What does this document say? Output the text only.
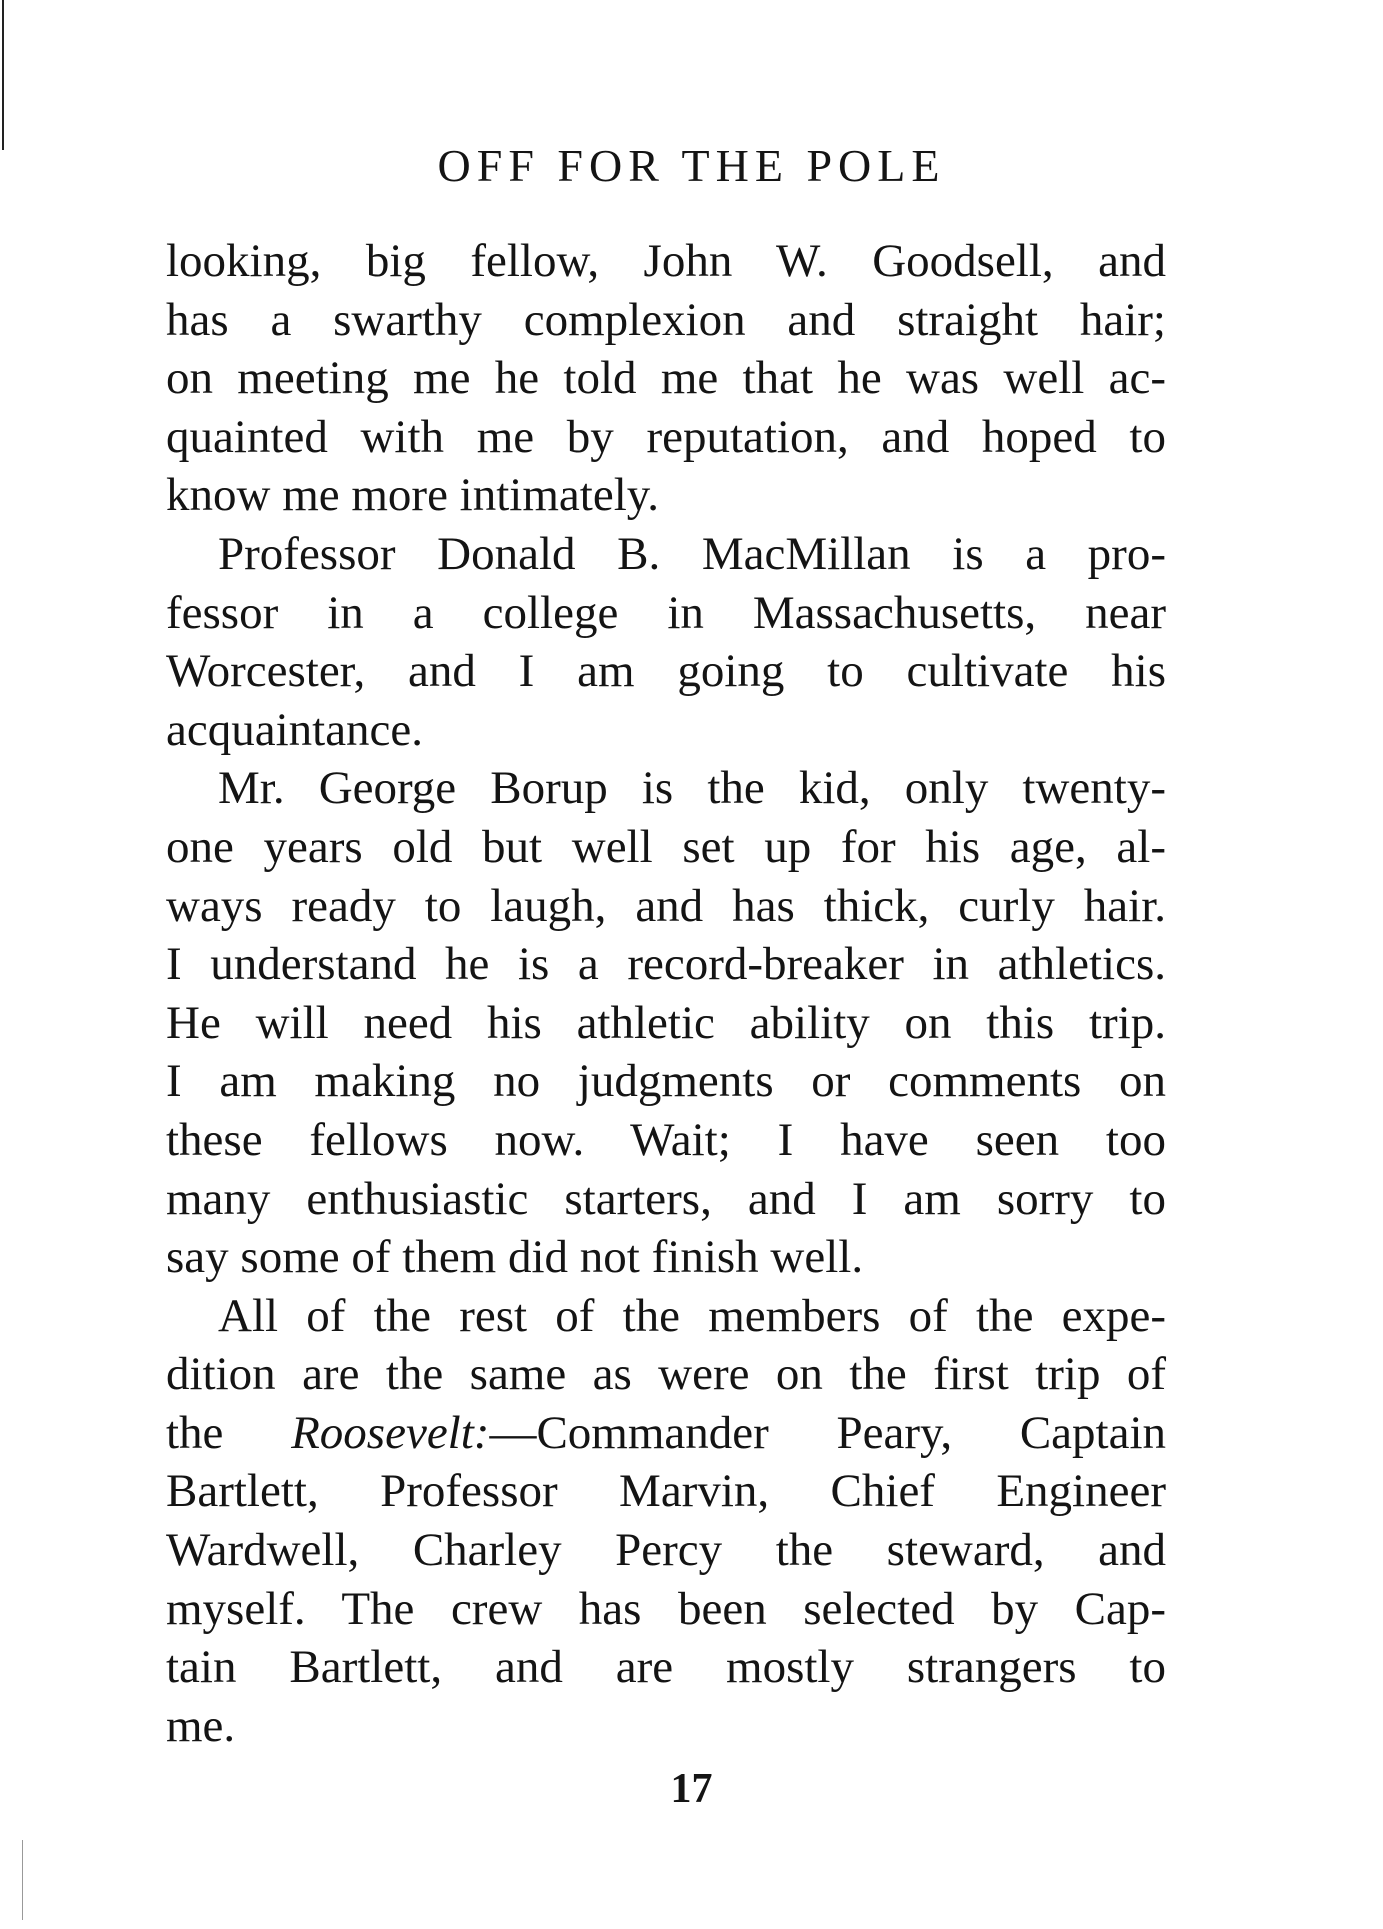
OFF FOR THE POLE
looking, big fellow, John W. Goodsell, and
has a swarthy complexion and straight hair;
on meeting me he told me that he was well ac-
quainted with me by reputation, and hoped to
know me more intimately.
Professor Donald B. MacMillan is a pro-
fessor in a college in Massachusetts, near
Worcester, and I am going to cultivate his
acquaintance.
Mr. George Borup is the kid, only twenty-
one years old but well set up for his age, al-
ways ready to laugh, and has thick, curly hair.
I understand he is a record-breaker in athletics.
He will need his athletic ability on this trip.
I am making no judgments or comments on
these fellows now. Wait; I have seen too
many enthusiastic starters, and I am sorry to
say some of them did not finish well.
All of the rest of the members of the expe-
dition are the same as were on the first trip of
the Roosevelt:—Commander Peary, Captain
Bartlett, Professor Marvin, Chief Engineer
Wardwell, Charley Percy the steward, and
myself. The crew has been selected by Cap-
tain Bartlett, and are mostly strangers to
me.
17
